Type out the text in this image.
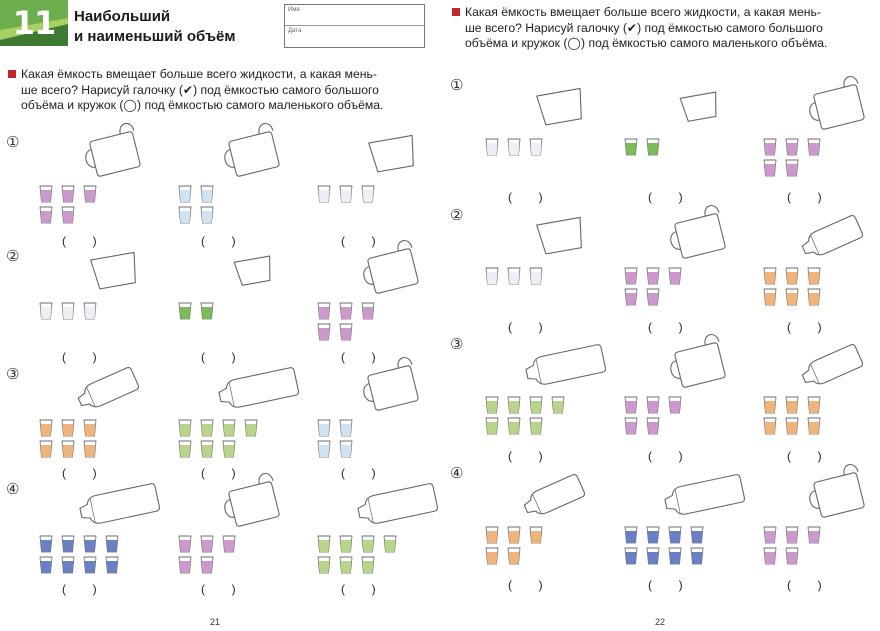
11	Наибольший
и наименьший объём
Имя
Дата
Какая ёмкость вмещает больше всего жидкости, а какая мень-
ше всего? Нарисуй галочку (✔) под ёмкостью самого большого
объёма и кружок (◯) под ёмкостью самого маленького объёма.
Какая ёмкость вмещает больше всего жидкости, а какая мень-
ше всего? Нарисуй галочку (✔) под ёмкостью самого большого
объёма и кружок (◯) под ёмкостью самого маленького объёма.
①
②
③
④
①
②
③
④
(        )	(        )	(        )
(        )	(        )	(        )
(        )	(        )	(        )
(        )	(        )	(        )
(        )	(        )	(        )
(        )	(        )	(        )
(        )	(        )	(        )
(        )	(        )	(        )
21	22
